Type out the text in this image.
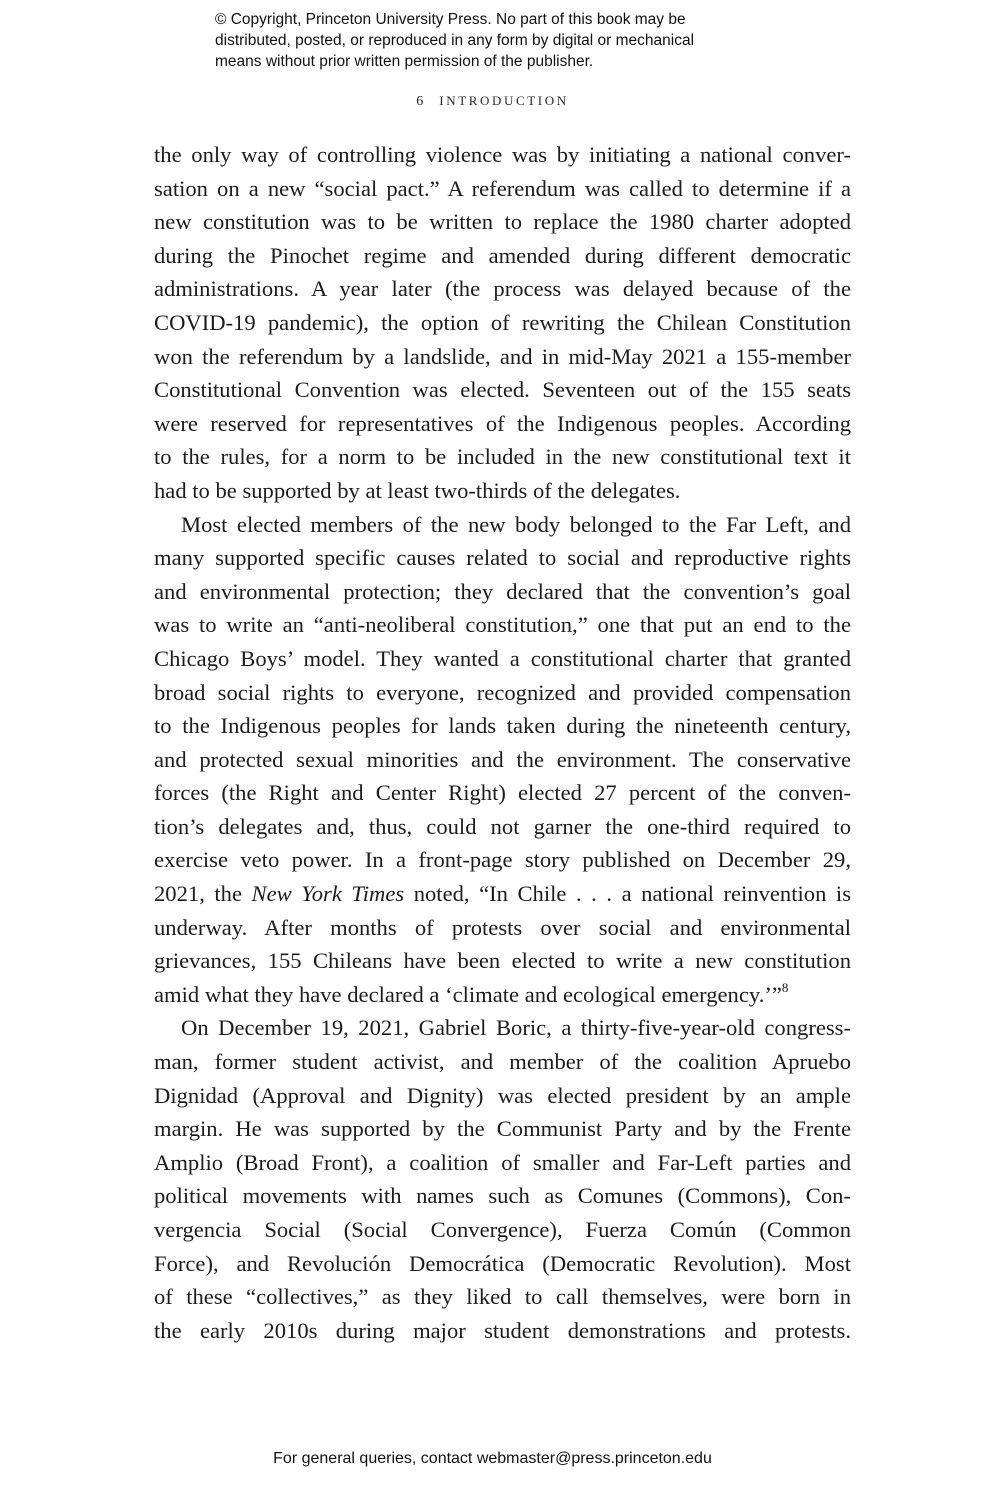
© Copyright, Princeton University Press. No part of this book may be
distributed, posted, or reproduced in any form by digital or mechanical
means without prior written permission of the publisher.
6 INTRODUCTION
the only way of controlling violence was by initiating a national conver-
sation on a new “social pact.” A referendum was called to determine if a
new constitution was to be written to replace the 1980 charter adopted
during the Pinochet regime and amended during different democratic
administrations. A year later (the process was delayed because of the
COVID-19 pandemic), the option of rewriting the Chilean Constitution
won the referendum by a landslide, and in mid-May 2021 a 155-member
Constitutional Convention was elected. Seventeen out of the 155 seats
were reserved for representatives of the Indigenous peoples. According
to the rules, for a norm to be included in the new constitutional text it
had to be supported by at least two-thirds of the delegates.
Most elected members of the new body belonged to the Far Left, and
many supported specific causes related to social and reproductive rights
and environmental protection; they declared that the convention’s goal
was to write an “anti-neoliberal constitution,” one that put an end to the
Chicago Boys’ model. They wanted a constitutional charter that granted
broad social rights to everyone, recognized and provided compensation
to the Indigenous peoples for lands taken during the nineteenth century,
and protected sexual minorities and the environment. The conservative
forces (the Right and Center Right) elected 27 percent of the conven-
tion’s delegates and, thus, could not garner the one-third required to
exercise veto power. In a front-page story published on December 29,
2021, the New York Times noted, “In Chile . . . a national reinvention is
underway. After months of protests over social and environmental
grievances, 155 Chileans have been elected to write a new constitution
amid what they have declared a ‘climate and ecological emergency.’”$^8$
On December 19, 2021, Gabriel Boric, a thirty-five-year-old congress-
man, former student activist, and member of the coalition Apruebo
Dignidad (Approval and Dignity) was elected president by an ample
margin. He was supported by the Communist Party and by the Frente
Amplio (Broad Front), a coalition of smaller and Far-Left parties and
political movements with names such as Comunes (Commons), Con-
vergencia Social (Social Convergence), Fuerza Común (Common
Force), and Revolución Democrática (Democratic Revolution). Most
of these “collectives,” as they liked to call themselves, were born in
the early 2010s during major student demonstrations and protests.
For general queries, contact webmaster@press.princeton.edu
